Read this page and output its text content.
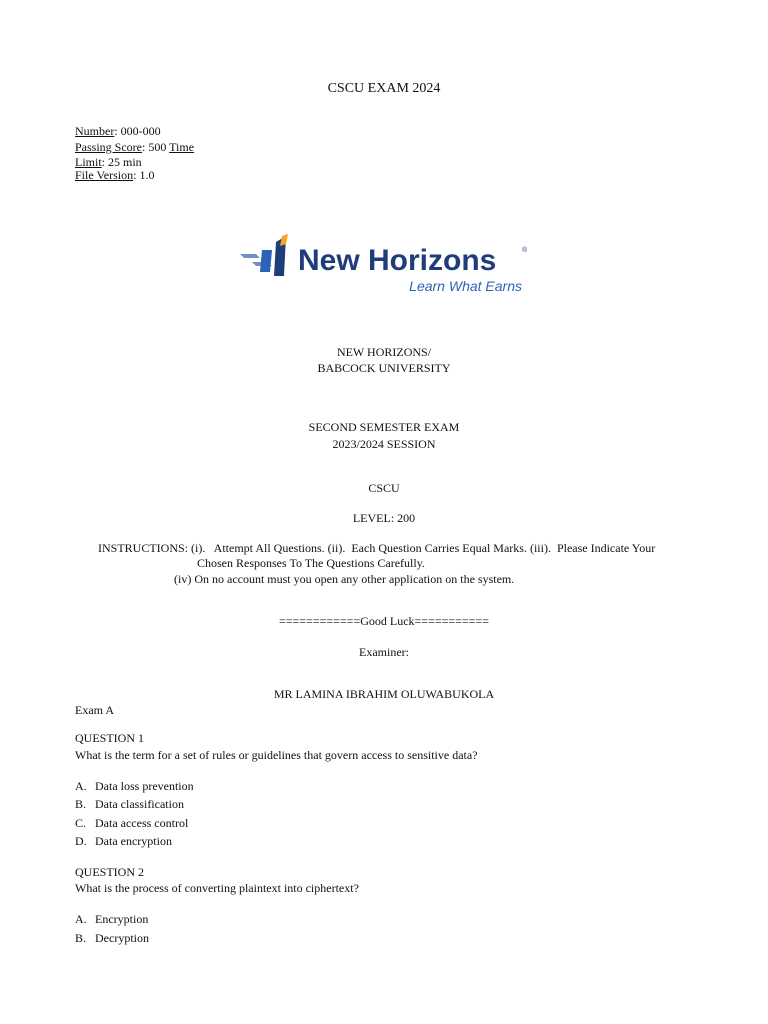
CSCU EXAM 2024
Number: 000-000
Passing Score: 500 Time
Limit: 25 min
File Version: 1.0
New Horizons	®
Learn What Earns
NEW HORIZONS/
BABCOCK UNIVERSITY
SECOND SEMESTER EXAM
2023/2024 SESSION
CSCU
LEVEL: 200
INSTRUCTIONS: (i).   Attempt All Questions. (ii).  Each Question Carries Equal Marks. (iii).  Please Indicate Your
Chosen Responses To The Questions Carefully.
(iv) On no account must you open any other application on the system.
============Good Luck===========
Examiner:
MR LAMINA IBRAHIM OLUWABUKOLA
Exam A
QUESTION 1
What is the term for a set of rules or guidelines that govern access to sensitive data?
A. Data loss prevention
B. Data classification
C. Data access control
D. Data encryption
QUESTION 2
What is the process of converting plaintext into ciphertext?
A. Encryption
B. Decryption
